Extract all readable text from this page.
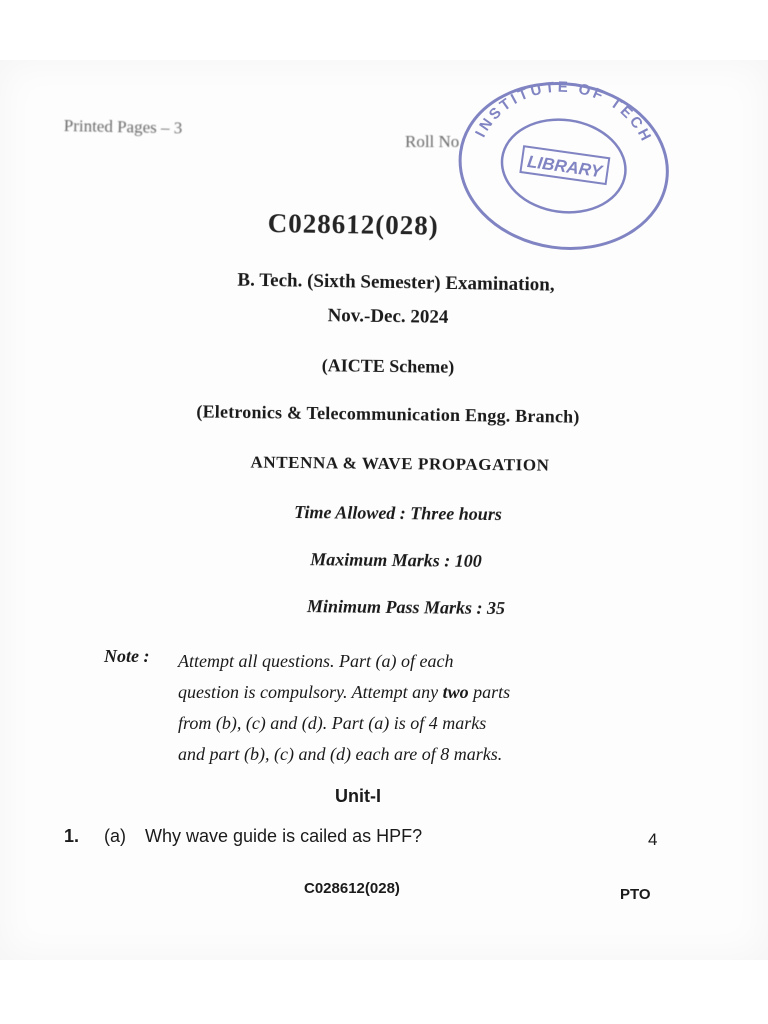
Printed Pages – 3
Roll No INSTITUTE OF TECH
LIBRARY
C028612(028)
B. Tech. (Sixth Semester) Examination,
Nov.-Dec. 2024
(AICTE Scheme)
(Eletronics & Telecommunication Engg. Branch)
ANTENNA & WAVE PROPAGATION
Time Allowed : Three hours
Maximum Marks : 100
Minimum Pass Marks : 35
Note : Attempt all questions. Part (a) of each
question is compulsory. Attempt any two parts
from (b), (c) and (d). Part (a) is of 4 marks
and part (b), (c) and (d) each are of 8 marks.
Unit-I
1. (a) Why wave guide is cailed as HPF?	4
C028612(028)	PTO
